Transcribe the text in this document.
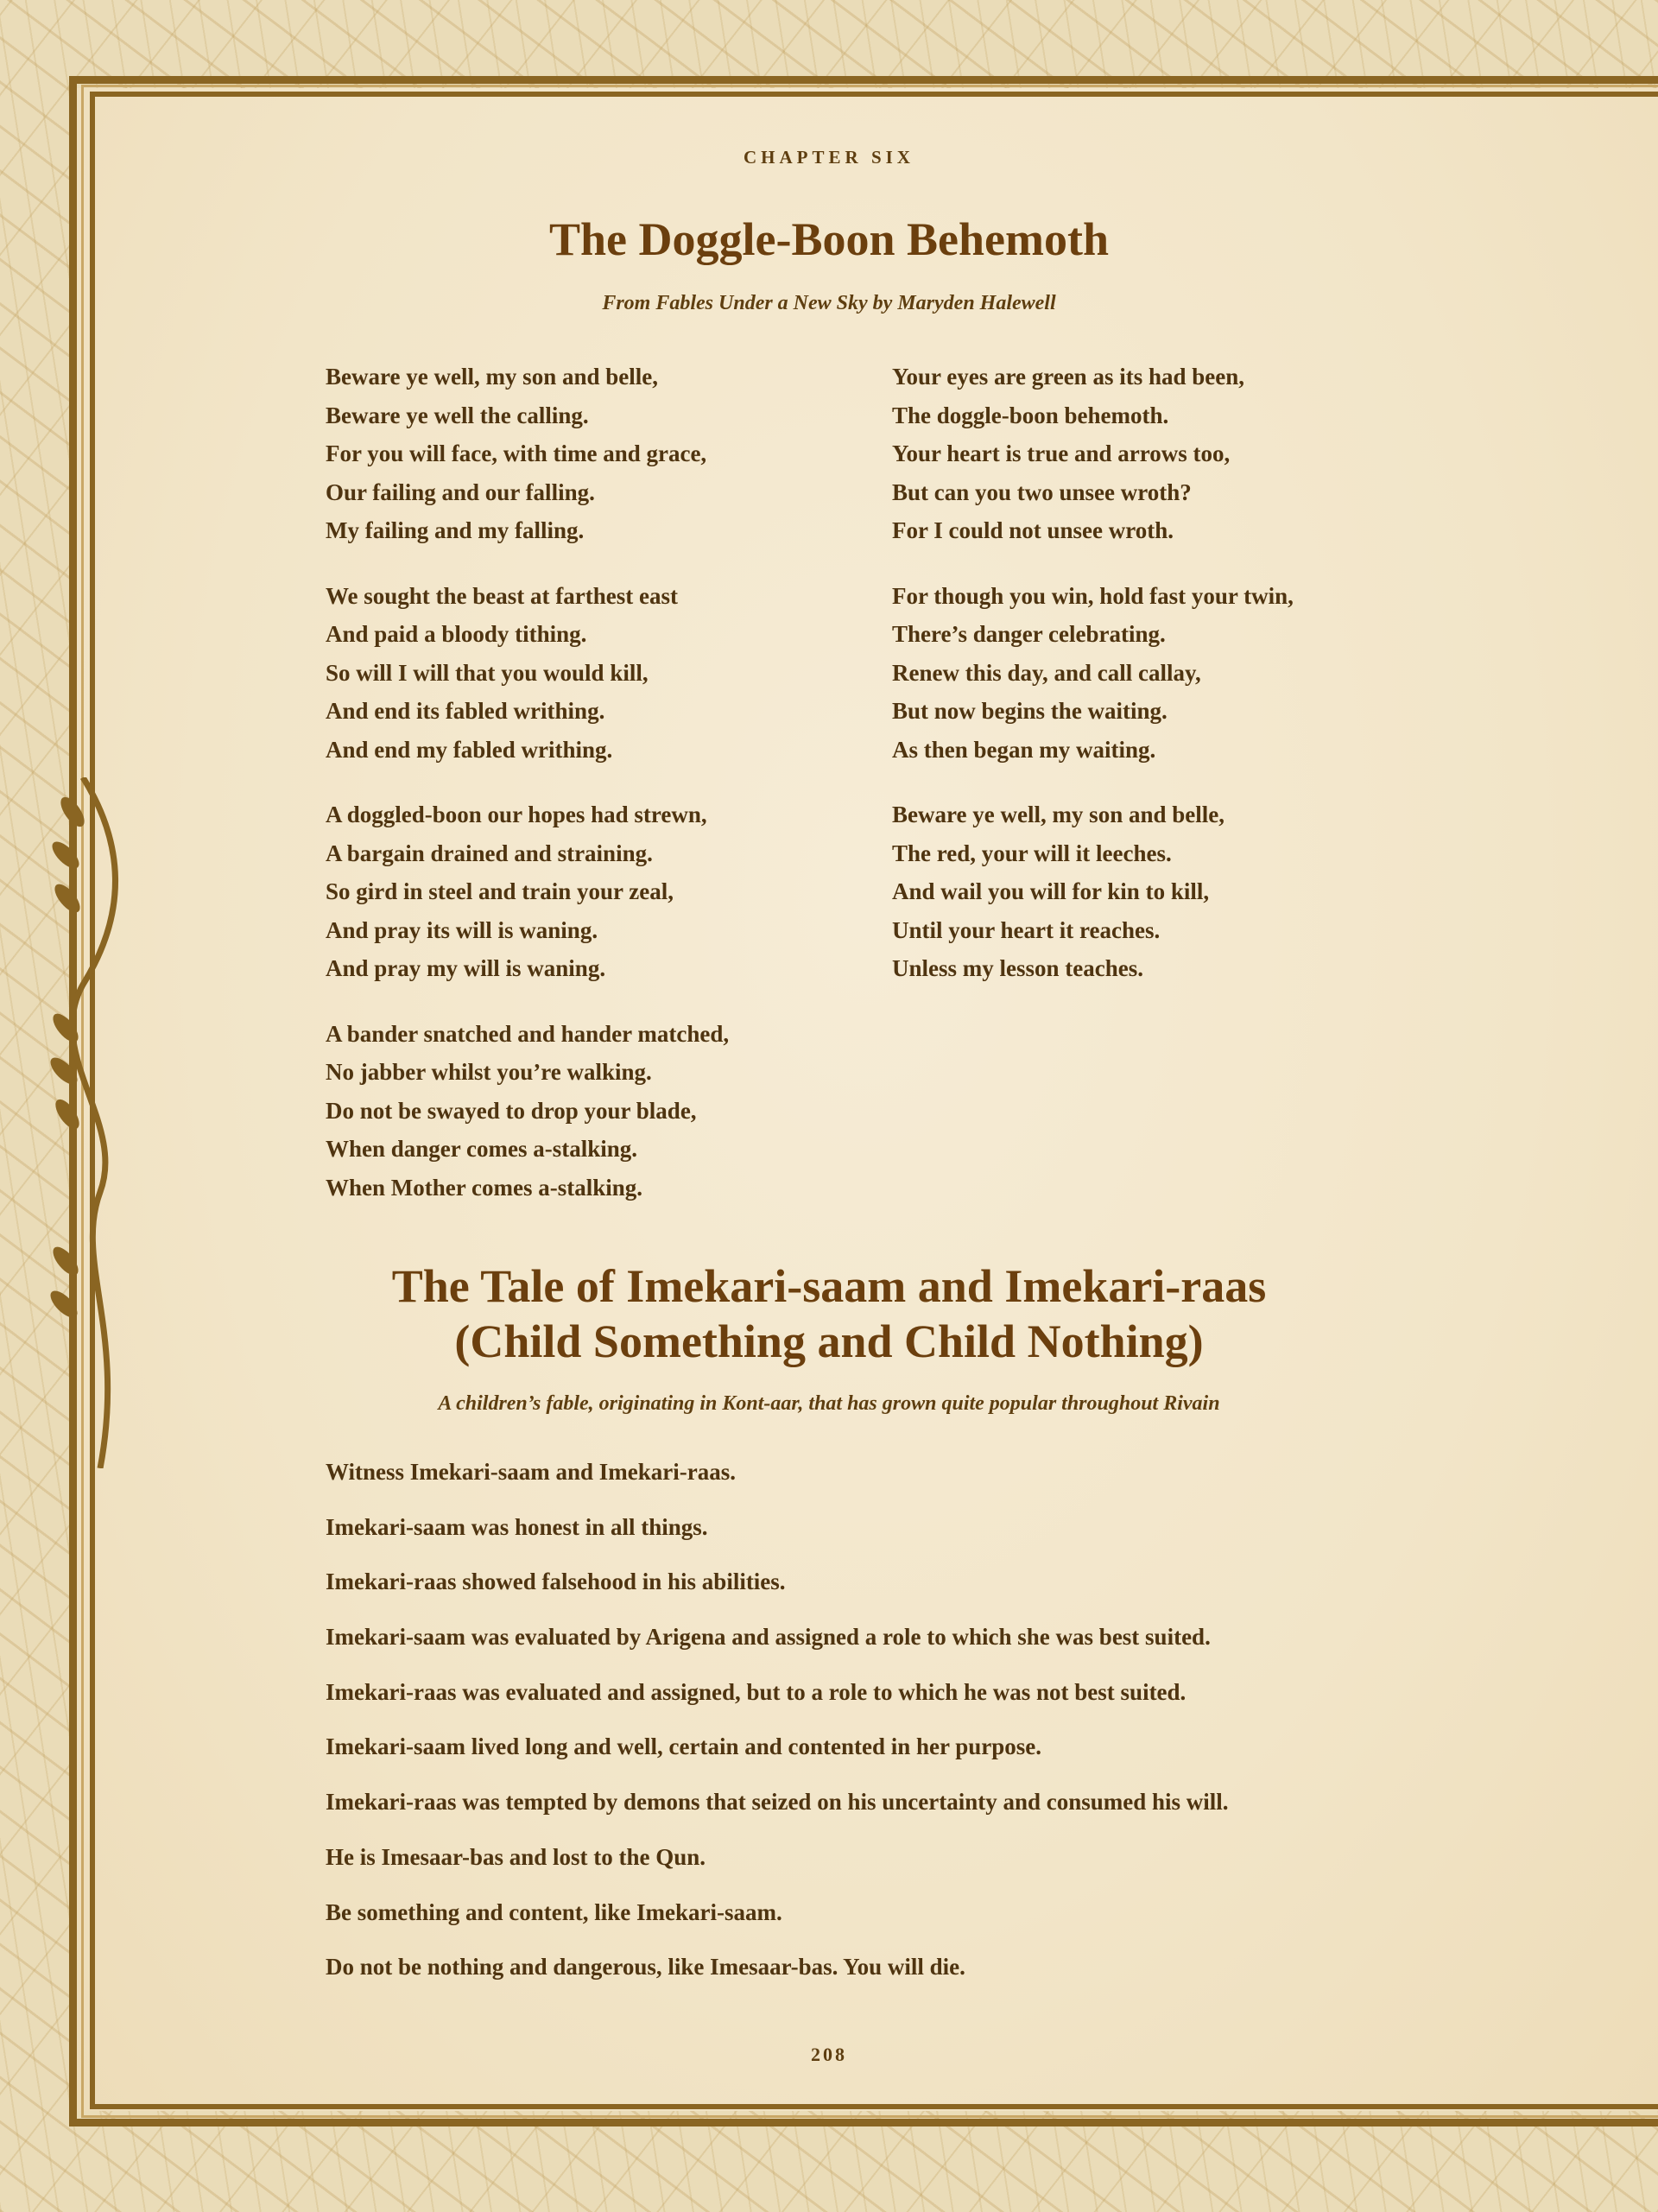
CHAPTER SIX
The Doggle-Boon Behemoth
From Fables Under a New Sky by Maryden Halewell
Beware ye well, my son and belle,
Beware ye well the calling.
For you will face, with time and grace,
Our failing and our falling.
My failing and my falling.
We sought the beast at farthest east
And paid a bloody tithing.
So will I will that you would kill,
And end its fabled writhing.
And end my fabled writhing.
A doggled-boon our hopes had strewn,
A bargain drained and straining.
So gird in steel and train your zeal,
And pray its will is waning.
And pray my will is waning.
A bander snatched and hander matched,
No jabber whilst you’re walking.
Do not be swayed to drop your blade,
When danger comes a-stalking.
When Mother comes a-stalking.
Your eyes are green as its had been,
The doggle-boon behemoth.
Your heart is true and arrows too,
But can you two unsee wroth?
For I could not unsee wroth.
For though you win, hold fast your twin,
There’s danger celebrating.
Renew this day, and call callay,
But now begins the waiting.
As then began my waiting.
Beware ye well, my son and belle,
The red, your will it leeches.
And wail you will for kin to kill,
Until your heart it reaches.
Unless my lesson teaches.
The Tale of Imekari-saam and Imekari-raas
(Child Something and Child Nothing)
A children’s fable, originating in Kont-aar, that has grown quite popular throughout Rivain
Witness Imekari-saam and Imekari-raas.
Imekari-saam was honest in all things.
Imekari-raas showed falsehood in his abilities.
Imekari-saam was evaluated by Arigena and assigned a role to which she was best suited.
Imekari-raas was evaluated and assigned, but to a role to which he was not best suited.
Imekari-saam lived long and well, certain and contented in her purpose.
Imekari-raas was tempted by demons that seized on his uncertainty and consumed his will.
He is Imesaar-bas and lost to the Qun.
Be something and content, like Imekari-saam.
Do not be nothing and dangerous, like Imesaar-bas. You will die.
208
